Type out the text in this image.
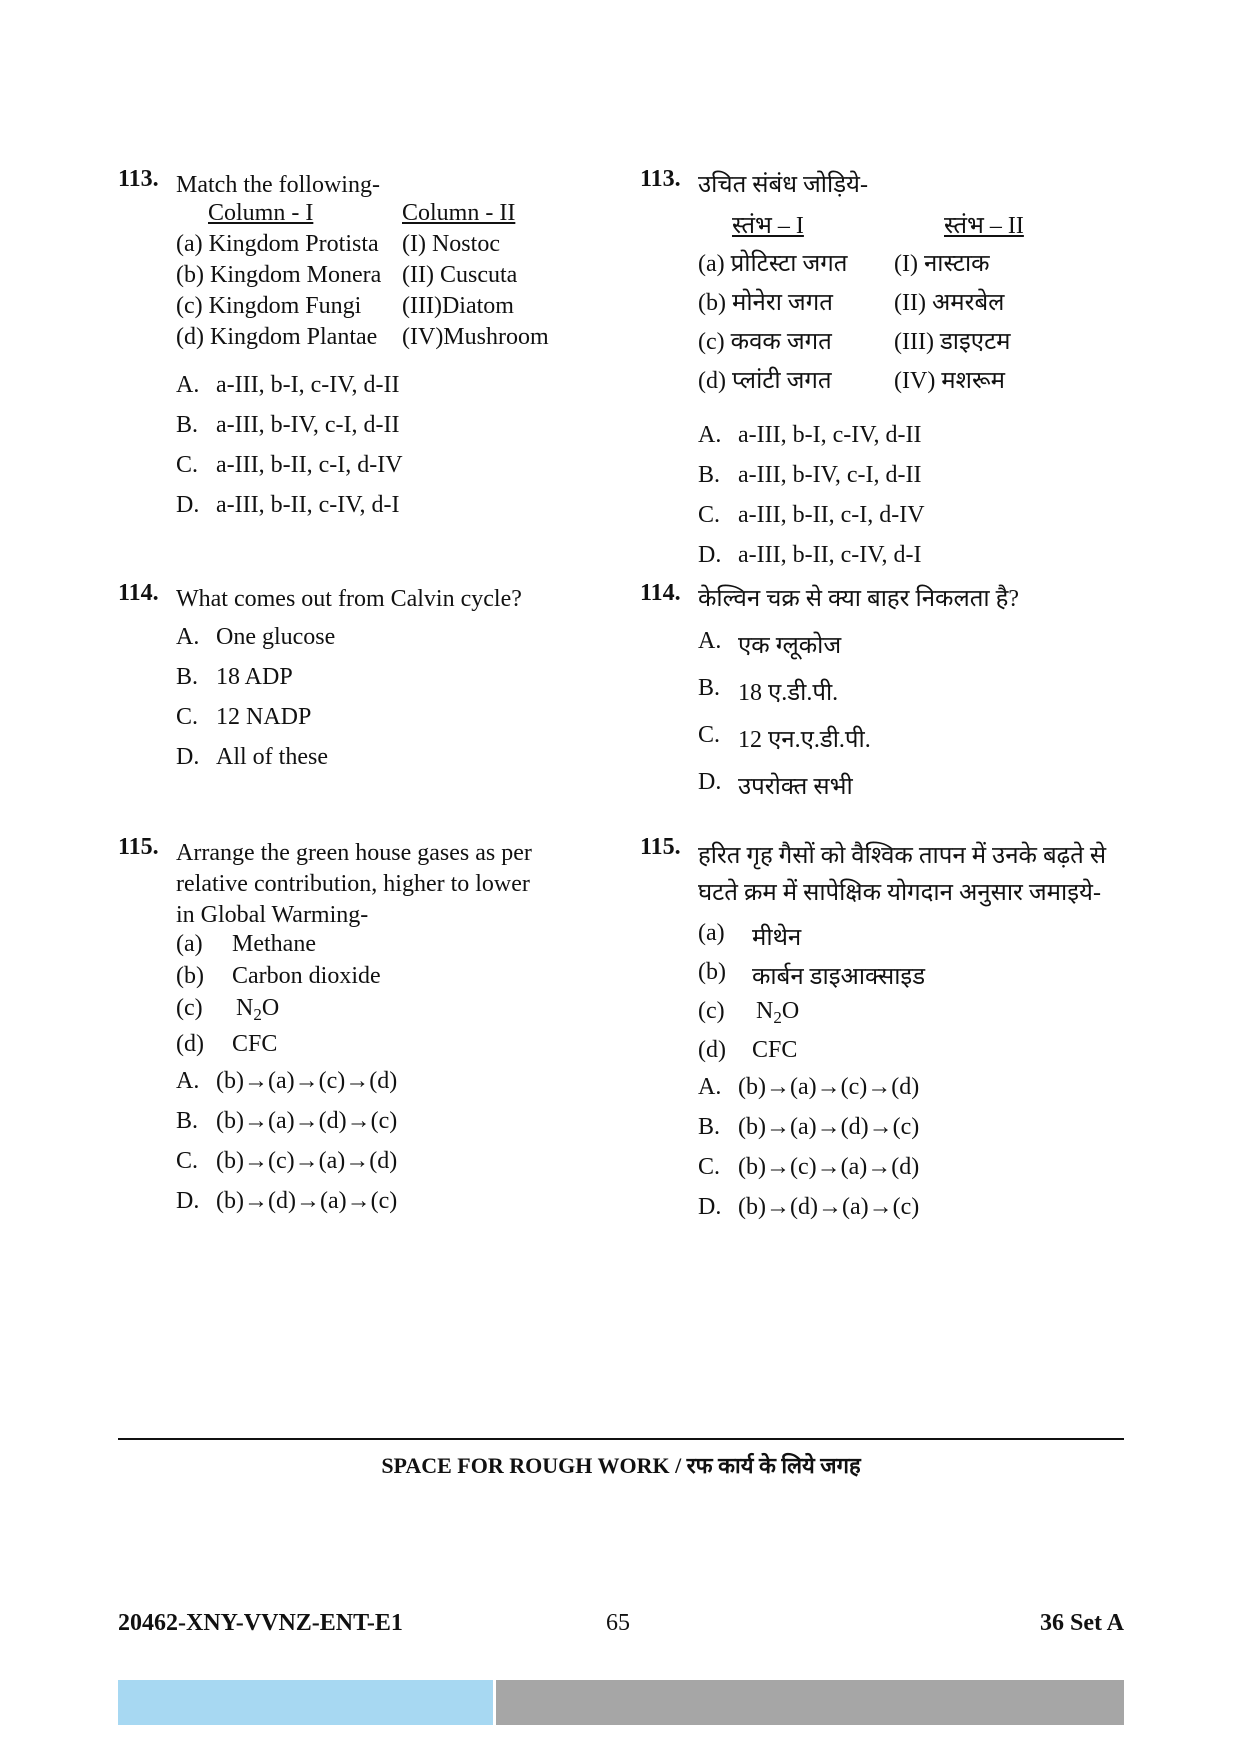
113. Match the following-
Column - I	Column - II
(a) Kingdom Protista (I) Nostoc
(b) Kingdom Monera (II) Cuscuta
(c) Kingdom Fungi (III)Diatom
(d) Kingdom Plantae (IV)Mushroom
A. a-III, b-I, c-IV, d-II
B. a-III, b-IV, c-I, d-II
C. a-III, b-II, c-I, d-IV
D. a-III, b-II, c-IV, d-I
114. What comes out from Calvin cycle?
A. One glucose
B. 18 ADP
C. 12 NADP
D. All of these
115. Arrange the green house gases as per
relative contribution, higher to lower
in Global Warming-
(a) Methane
(b) Carbon dioxide
(c) $N_2O$
(d) CFC
A. (b)→(a)→(c)→(d)
B. (b)→(a)→(d)→(c)
C. (b)→(c)→(a)→(d)
D. (b)→(d)→(a)→(c)
113. उचित संबंध जोड़िये-
स्तंभ – I	स्तंभ – II
(a) प्रोटिस्टा जगत (I) नास्टाक
(b) मोनेरा जगत	(II) अमरबेल
(c) कवक जगत	(III) डाइएटम
(d) प्लांटी जगत	(IV) मशरूम
A. a-III, b-I, c-IV, d-II
B. a-III, b-IV, c-I, d-II
C. a-III, b-II, c-I, d-IV
D. a-III, b-II, c-IV, d-I
114. केल्विन चक्र से क्या बाहर निकलता है?
A. एक ग्लूकोज
B. 18 ए.डी.पी.
C. 12 एन.ए.डी.पी.
D. उपरोक्त सभी
115. हरित गृह गैसों को वैश्विक तापन में उनके बढ़ते से
घटते क्रम में सापेक्षिक योगदान अनुसार जमाइये-
(a) मीथेन
(b) कार्बन डाइआक्साइड
(c) $N_2O$
(d) CFC
A. (b)→(a)→(c)→(d)
B. (b)→(a)→(d)→(c)
C. (b)→(c)→(a)→(d)
D. (b)→(d)→(a)→(c)
SPACE FOR ROUGH WORK / रफ कार्य के लिये जगह
20462-XNY-VVNZ-ENT-E1	65	36 Set A
